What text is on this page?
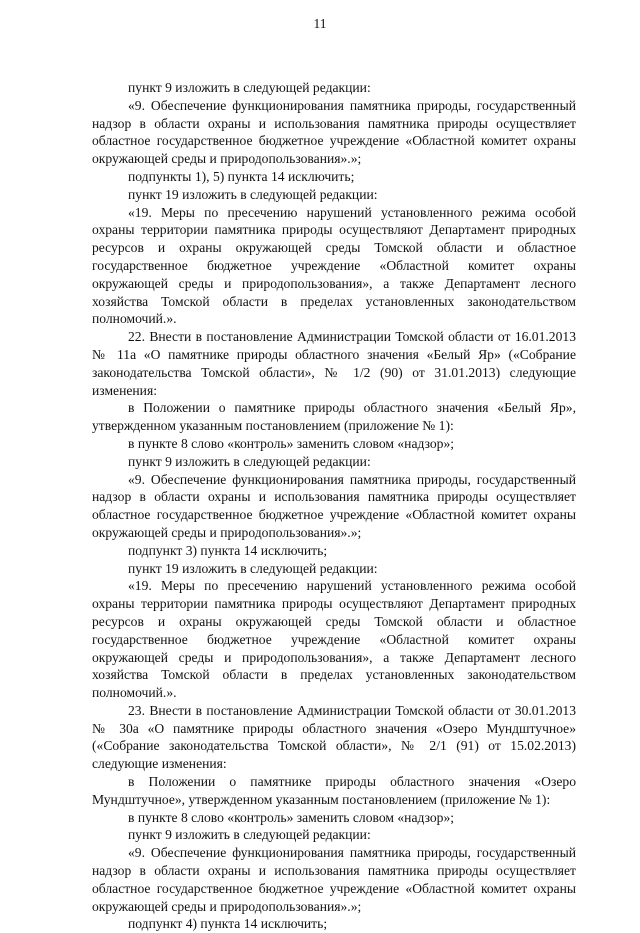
11

пункт 9 изложить в следующей редакции:

«9. Обеспечение функционирования памятника природы, государственный надзор в области охраны и использования памятника природы осуществляет областное государственное бюджетное учреждение «Областной комитет охраны окружающей среды и природопользования».»;

подпункты 1), 5) пункта 14 исключить;

пункт 19 изложить в следующей редакции:

«19. Меры по пресечению нарушений установленного режима особой охраны территории памятника природы осуществляют Департамент природных ресурсов и охраны окружающей среды Томской области и областное государственное бюджетное учреждение «Областной комитет охраны окружающей среды и природопользования», а также Департамент лесного хозяйства Томской области в пределах установленных законодательством полномочий.».

22. Внести в постановление Администрации Томской области от 16.01.2013 № 11а «О памятнике природы областного значения «Белый Яр» («Собрание законодательства Томской области», № 1/2 (90) от 31.01.2013) следующие изменения:

в Положении о памятнике природы областного значения «Белый Яр», утвержденном указанным постановлением (приложение № 1):

в пункте 8 слово «контроль» заменить словом «надзор»;

пункт 9 изложить в следующей редакции:

«9. Обеспечение функционирования памятника природы, государственный надзор в области охраны и использования памятника природы осуществляет областное государственное бюджетное учреждение «Областной комитет охраны окружающей среды и природопользования».»;

подпункт 3) пункта 14 исключить;

пункт 19 изложить в следующей редакции:

«19. Меры по пресечению нарушений установленного режима особой охраны территории памятника природы осуществляют Департамент природных ресурсов и охраны окружающей среды Томской области и областное государственное бюджетное учреждение «Областной комитет охраны окружающей среды и природопользования», а также Департамент лесного хозяйства Томской области в пределах установленных законодательством полномочий.».

23. Внести в постановление Администрации Томской области от 30.01.2013 № 30а «О памятнике природы областного значения «Озеро Мундштучное» («Собрание законодательства Томской области», № 2/1 (91) от 15.02.2013) следующие изменения:

в Положении о памятнике природы областного значения «Озеро Мундштучное», утвержденном указанным постановлением (приложение № 1):

в пункте 8 слово «контроль» заменить словом «надзор»;

пункт 9 изложить в следующей редакции:

«9. Обеспечение функционирования памятника природы, государственный надзор в области охраны и использования памятника природы осуществляет областное государственное бюджетное учреждение «Областной комитет охраны окружающей среды и природопользования».»;

подпункт 4) пункта 14 исключить;
